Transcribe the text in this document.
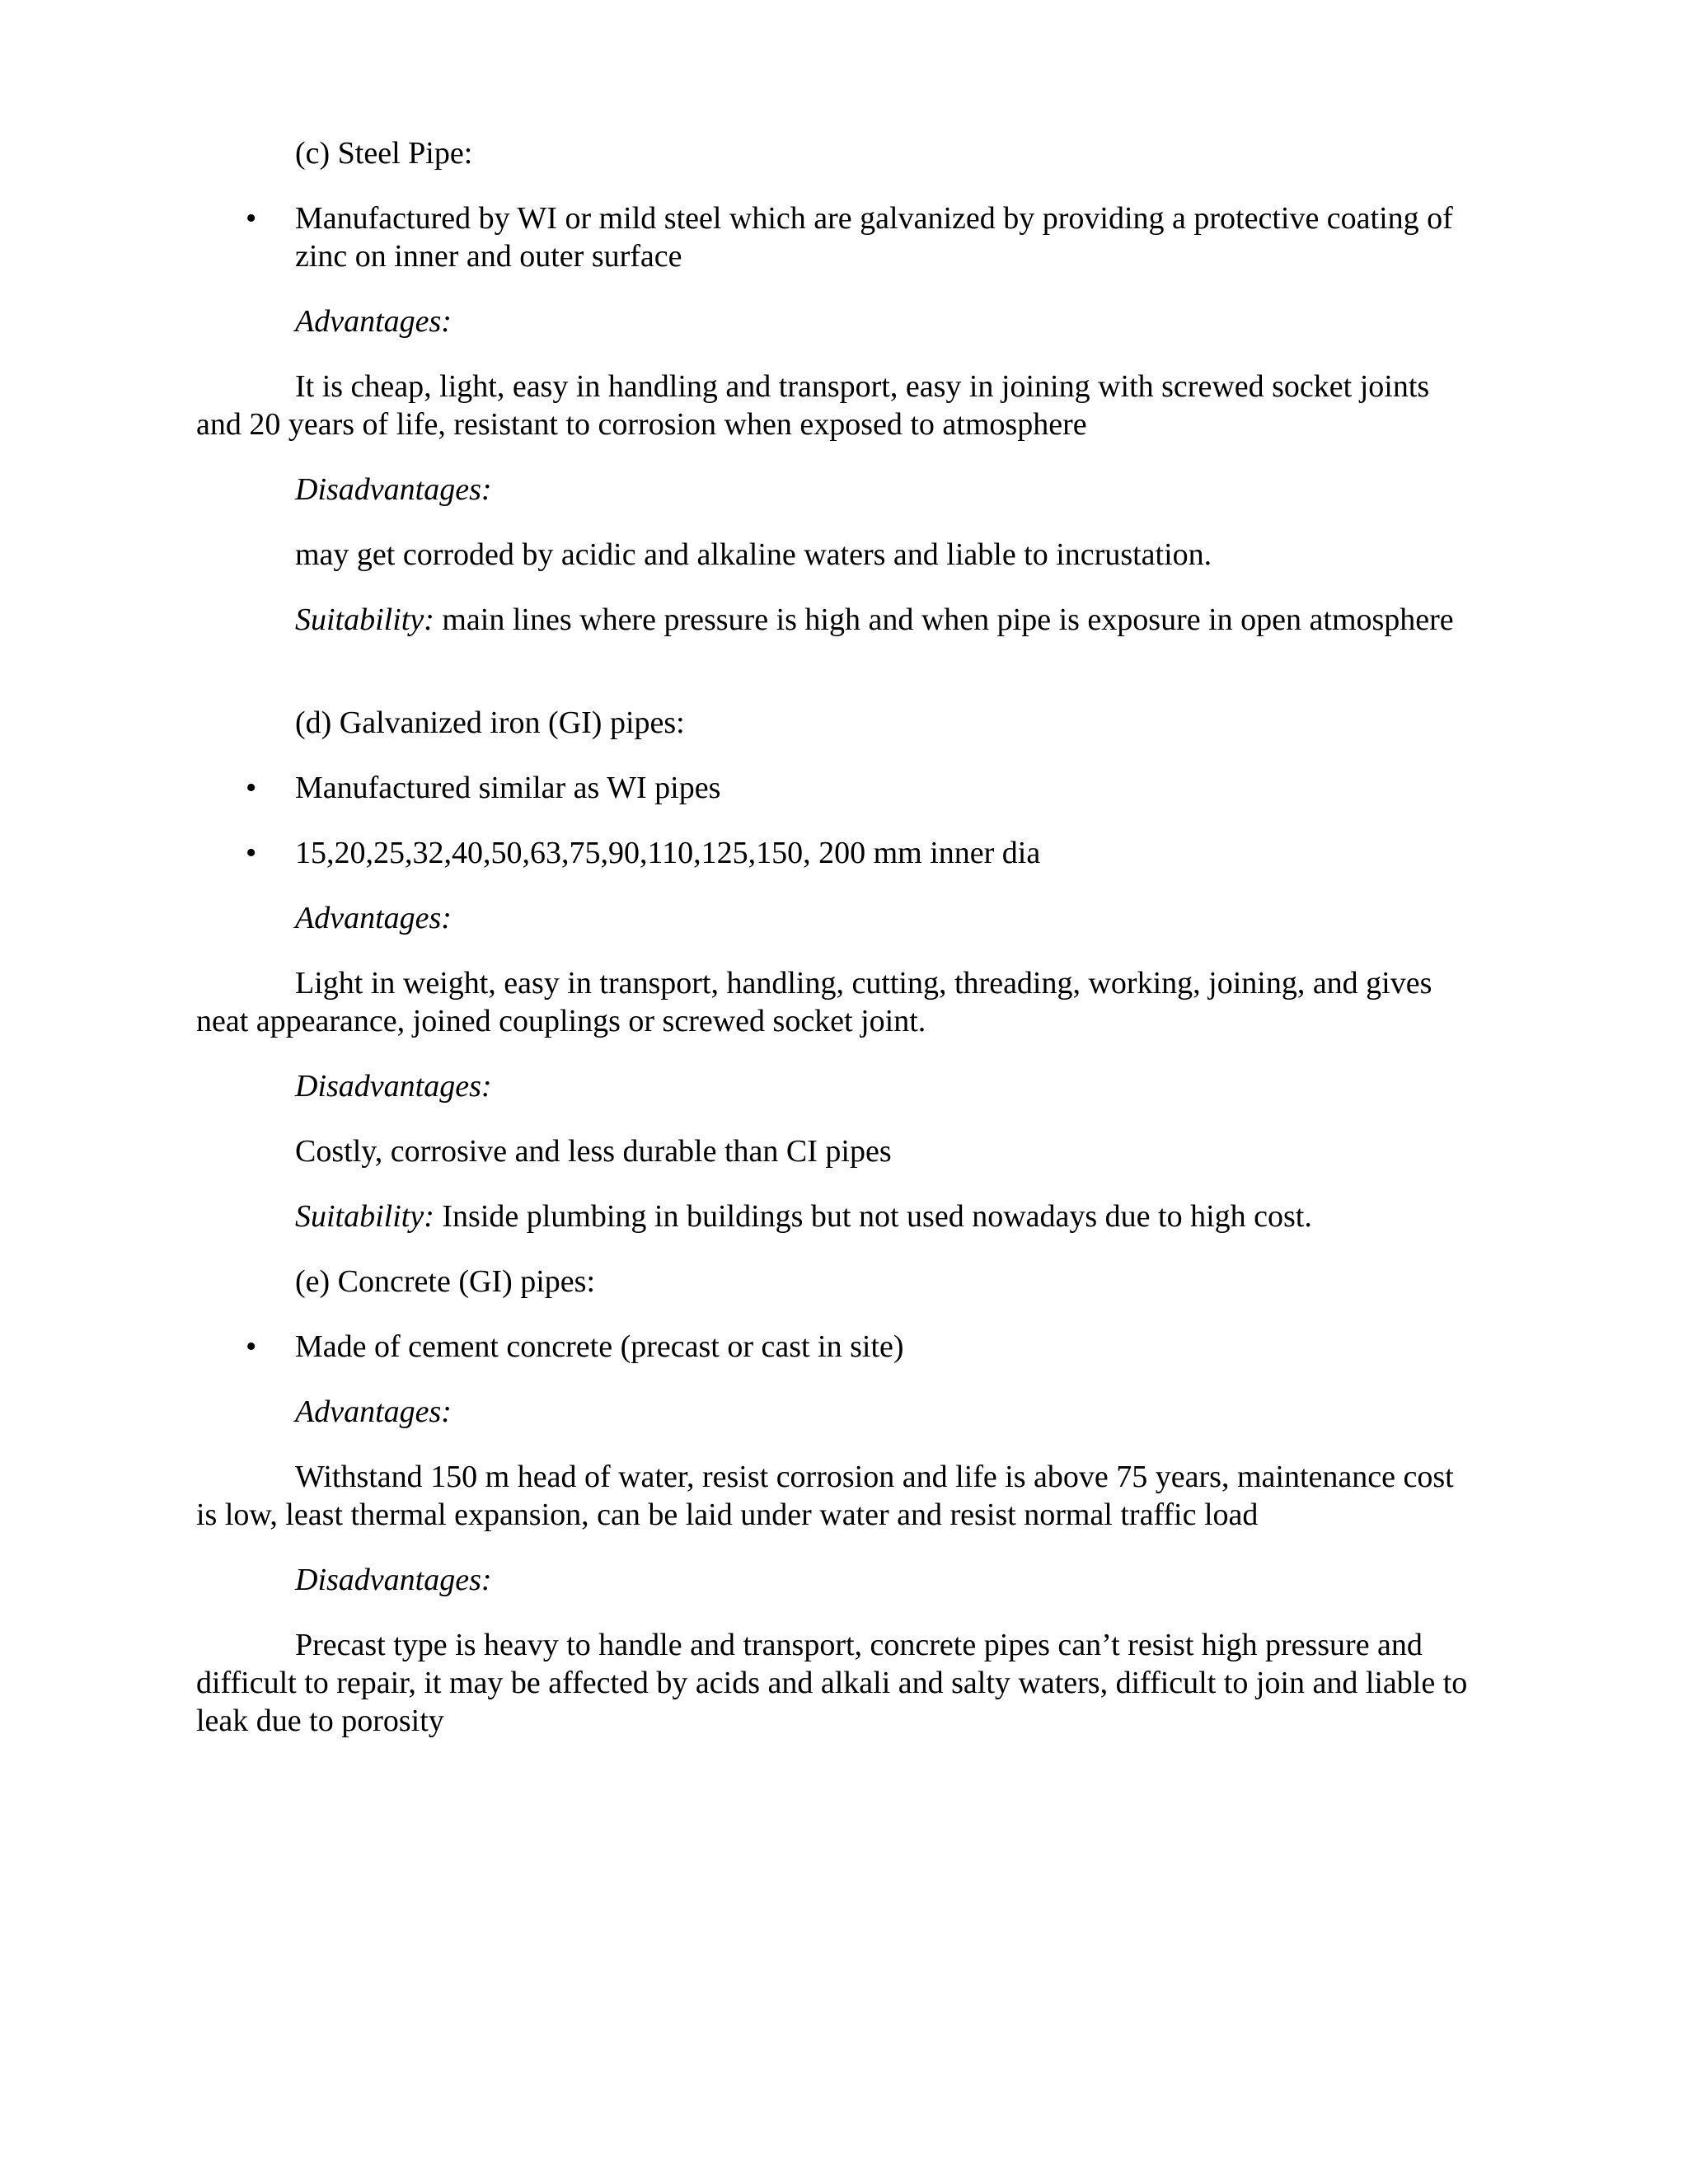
(c) Steel Pipe:

• Manufactured by WI or mild steel which are galvanized by providing a protective coating of zinc on inner and outer surface

Advantages:

It is cheap, light, easy in handling and transport, easy in joining with screwed socket joints and 20 years of life, resistant to corrosion when exposed to atmosphere

Disadvantages:

may get corroded by acidic and alkaline waters and liable to incrustation.

Suitability: main lines where pressure is high and when pipe is exposure in open atmosphere

(d) Galvanized iron (GI) pipes:

• Manufactured similar as WI pipes
• 15,20,25,32,40,50,63,75,90,110,125,150, 200 mm inner dia

Advantages:

Light in weight, easy in transport, handling, cutting, threading, working, joining, and gives neat appearance, joined couplings or screwed socket joint.

Disadvantages:

Costly, corrosive and less durable than CI pipes

Suitability: Inside plumbing in buildings but not used nowadays due to high cost.

(e) Concrete (GI) pipes:

• Made of cement concrete (precast or cast in site)

Advantages:

Withstand 150 m head of water, resist corrosion and life is above 75 years, maintenance cost is low, least thermal expansion, can be laid under water and resist normal traffic load

Disadvantages:

Precast type is heavy to handle and transport, concrete pipes can’t resist high pressure and difficult to repair, it may be affected by acids and alkali and salty waters, difficult to join and liable to leak due to porosity
